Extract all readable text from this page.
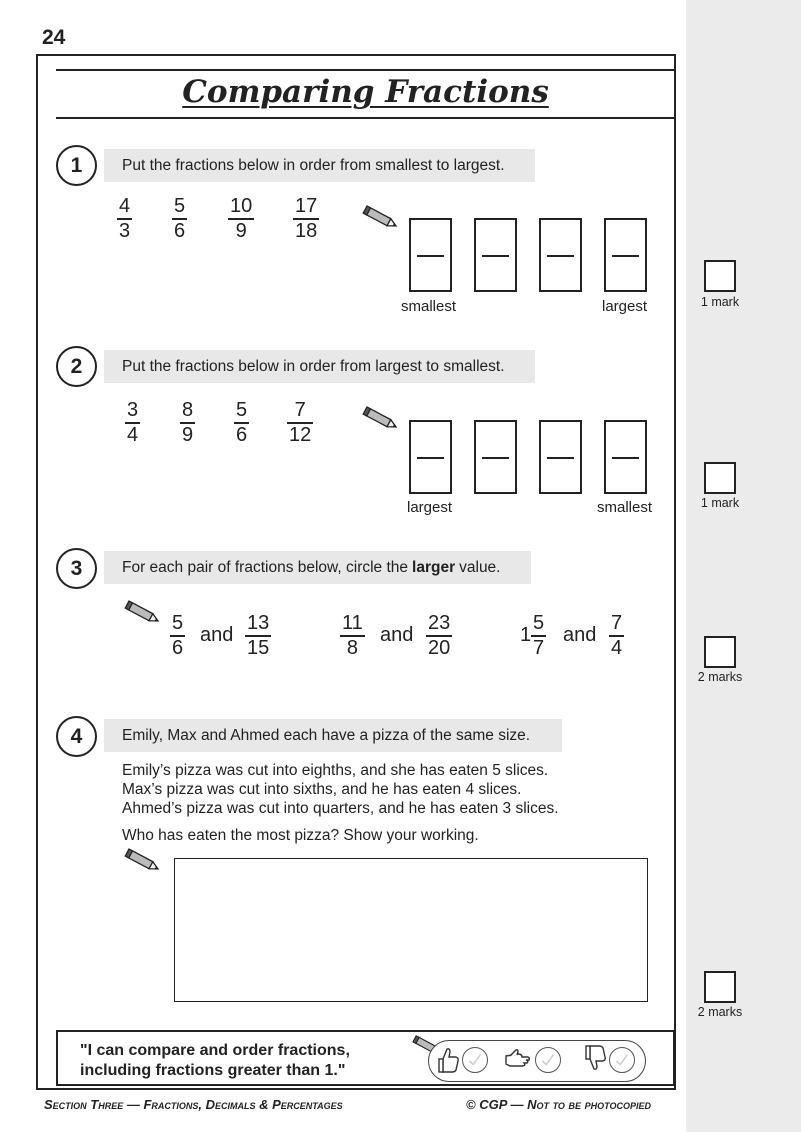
24
Comparing Fractions
1	Put the fractions below in order from smallest to largest.
4
3
5
6
10
9
17
18
smallest	largest	1 mark
2	Put the fractions below in order from largest to smallest.
3
4
8
9
5
6
7
12
largest	smallest	1 mark
3	For each pair of fractions below, circle the larger value.
5
6
and
13
15
11
8
and
23
20
1
5
7
and
7
4
2 marks
4	Emily, Max and Ahmed each have a pizza of the same size.
Emily’s pizza was cut into eighths, and she has eaten 5 slices.
Max’s pizza was cut into sixths, and he has eaten 4 slices.
Ahmed’s pizza was cut into quarters, and he has eaten 3 slices.
Who has eaten the most pizza? Show your working.
2 marks
"I can compare and order fractions,
including fractions greater than 1."
Section Three — Fractions, Decimals & Percentages	© CGP — Not to be photocopied
